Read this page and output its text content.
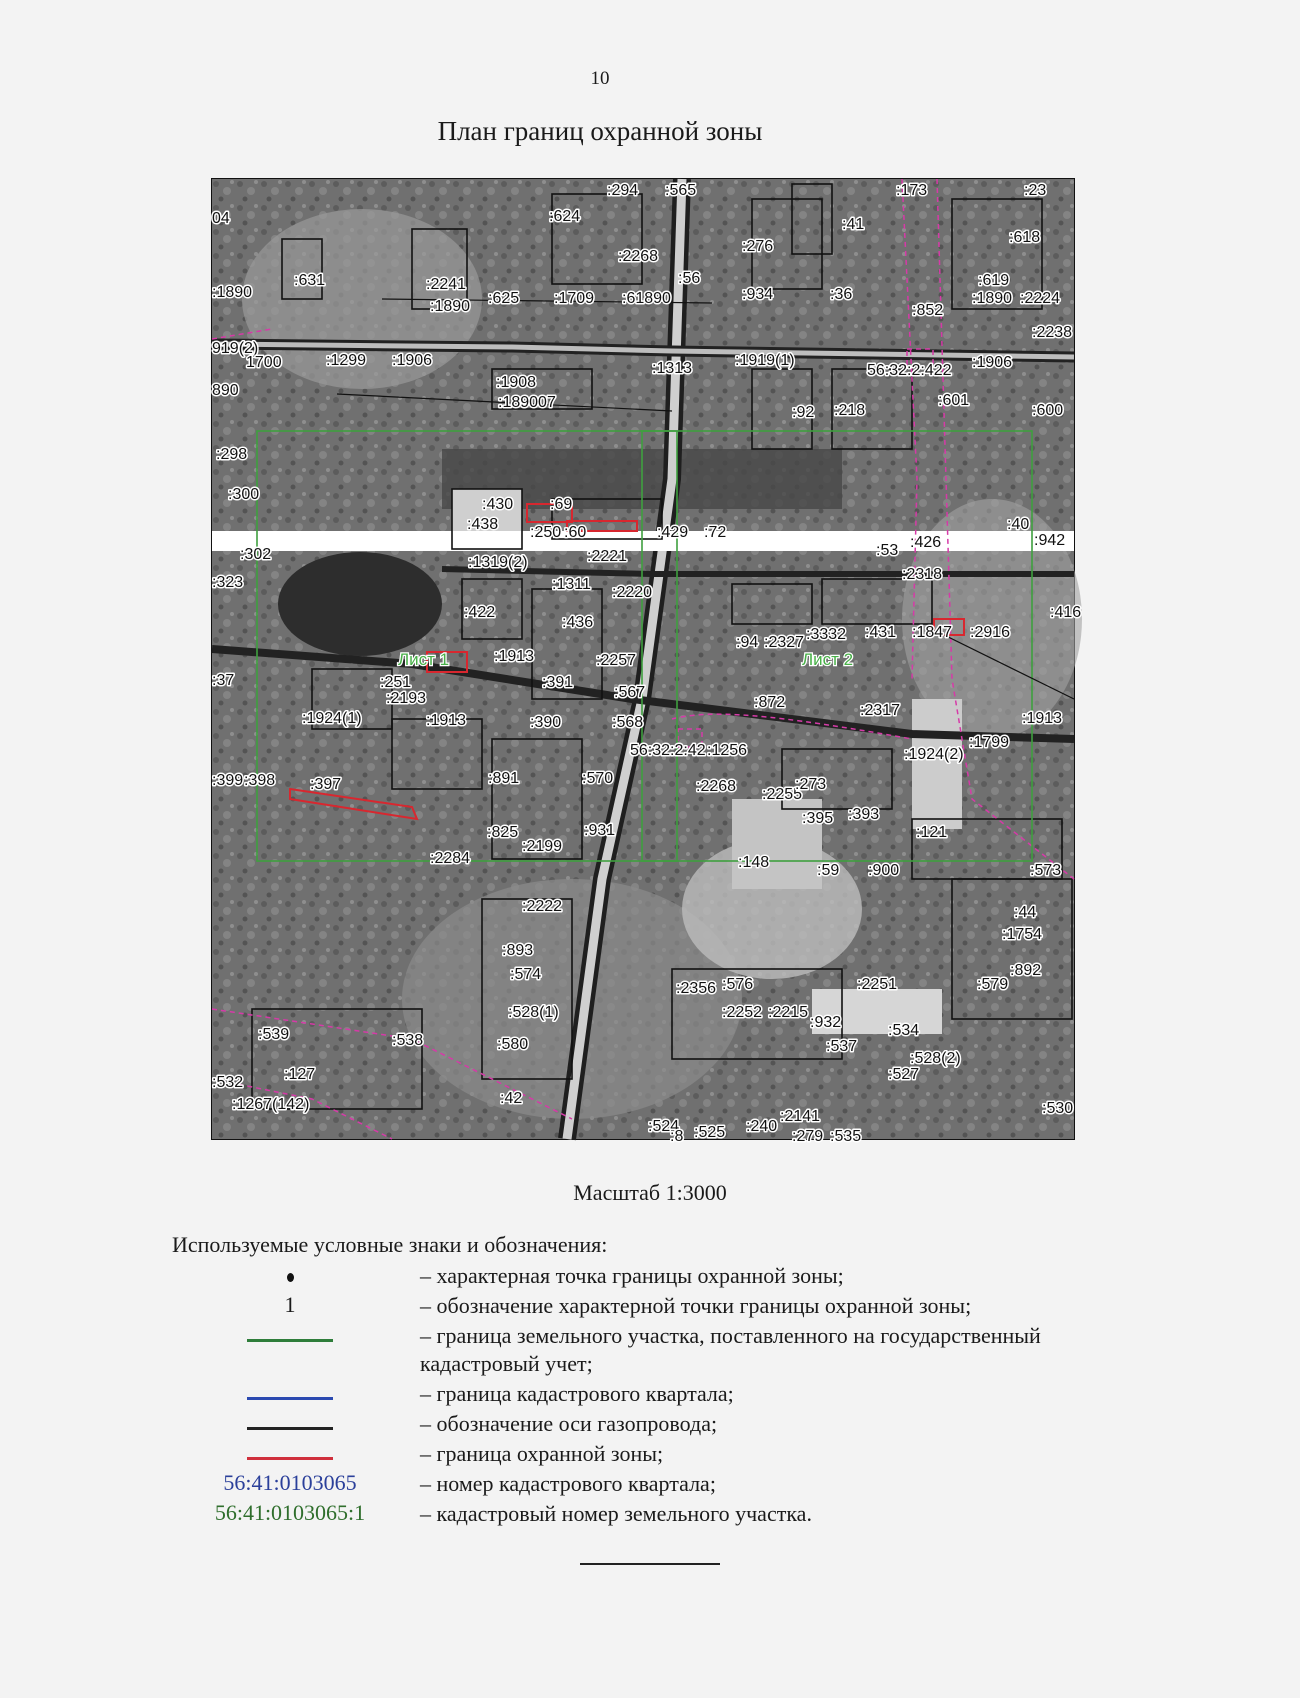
10
План границ охранной зоны
:294 :565	:173	:23
:624
:276
:41
:618
04
:2268
:56	:619
:1890
:631	:2241
:1890 :625 :1709 :61890	:934	:36
:852
:1890 :2224
:2238
919(2)
1700	:1299 :1906	:1313	:1919(1)
56:32:2:422 :1906
890	:1908
:189007
:92 :218
:601
:600
:298
:300
:430 :69
:438 :250 :60	:429 :72	:40
:53 :426	:942
:302	:2221
:2318
:323
:1319(2)
:1311 :2220
:422
:436
:94 :2327 :3332 :431 :1847 :2916
:416
:1913	:2257
:37	:251
:2193
:391
:567
:872	:2317
:1924(1)	:390	:568
:1913	:1913
:1799
56:32:2:42 :1256	:1924(2)
:399 :398 :397	:891	:570	:2268 :2255
:273
:395 :393
:121
:825	:931
:2284
:2199
:148	:59 :900	:573
:44
:2222
:1754
:893
:892
:574
:2356 :576	:2251	:579
:539	:538
:528(1)	:2252 :2215
:932
:580	:537
:534
:532	:127
:528(2)
:527
:42
:1267(142)
:524 :525 :240
:2141
:279 :535
:530
:8
Лист 1	Лист 2
Масштаб 1:3000
Используемые условные знаки и обозначения:
– характерная точка границы охранной зоны;
1	– обозначение характерной точки границы охранной зоны;
– граница земельного участка, поставленного на государственный кадастровый учет;
– граница кадастрового квартала;
– обозначение оси газопровода;
– граница охранной зоны;
56:41:0103065	– номер кадастрового квартала;
56:41:0103065:1	– кадастровый номер земельного участка.
